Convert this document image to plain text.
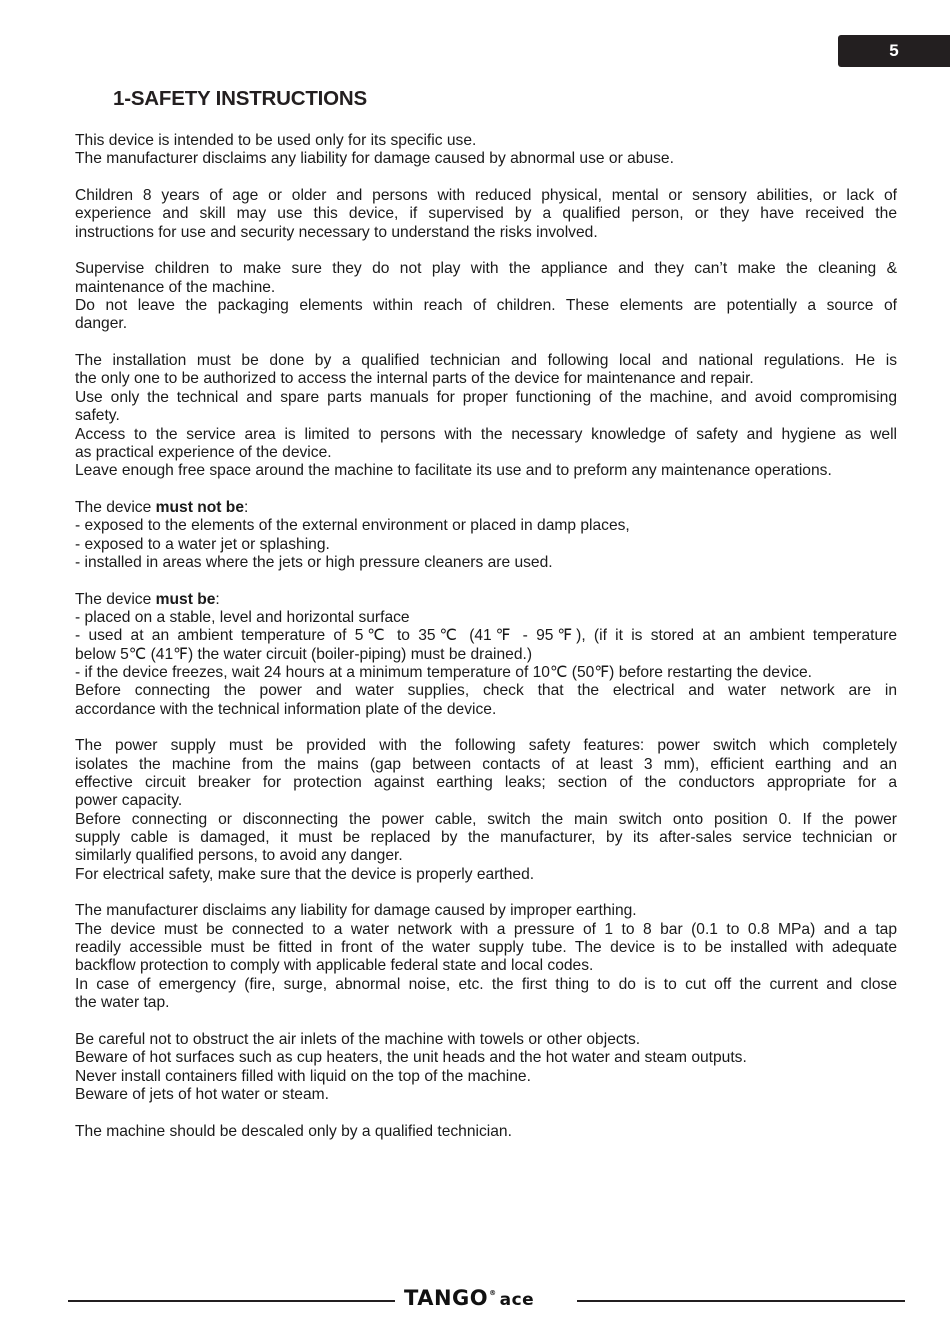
5
1-SAFETY INSTRUCTIONS
This device is intended to be used only for its specific use.
The manufacturer disclaims any liability for damage caused by abnormal use or abuse.
Children 8 years of age or older and persons with reduced physical, mental or sensory abilities, or lack of
experience and skill may use this device, if supervised by a qualified person, or they have received the
instructions for use and security necessary to understand the risks involved.
Supervise children to make sure they do not play with the appliance and they can’t make the cleaning &
maintenance of the machine.
Do not leave the packaging elements within reach of children. These elements are potentially a source of
danger.
The installation must be done by a qualified technician and following local and national regulations. He is
the only one to be authorized to access the internal parts of the device for maintenance and repair.
Use only the technical and spare parts manuals for proper functioning of the machine, and avoid compromising
safety.
Access to the service area is limited to persons with the necessary knowledge of safety and hygiene as well
as practical experience of the device.
Leave enough free space around the machine to facilitate its use and to preform any maintenance operations.
The device must not be:
- exposed to the elements of the external environment or placed in damp places,
- exposed to a water jet or splashing.
- installed in areas where the jets or high pressure cleaners are used.
The device must be:
- placed on a stable, level and horizontal surface
- used at an ambient temperature of 5℃ to 35℃ (41℉ - 95℉), (if it is stored at an ambient temperature
below 5℃ (41℉) the water circuit (boiler-piping) must be drained.)
- if the device freezes, wait 24 hours at a minimum temperature of 10℃ (50℉) before restarting the device.
Before connecting the power and water supplies, check that the electrical and water network are in
accordance with the technical information plate of the device.
The power supply must be provided with the following safety features: power switch which completely
isolates the machine from the mains (gap between contacts of at least 3 mm), efficient earthing and an
effective circuit breaker for protection against earthing leaks; section of the conductors appropriate for a
power capacity.
Before connecting or disconnecting the power cable, switch the main switch onto position 0. If the power
supply cable is damaged, it must be replaced by the manufacturer, by its after-sales service technician or
similarly qualified persons, to avoid any danger.
For electrical safety, make sure that the device is properly earthed.
The manufacturer disclaims any liability for damage caused by improper earthing.
The device must be connected to a water network with a pressure of 1 to 8 bar (0.1 to 0.8 MPa) and a tap
readily accessible must be fitted in front of the water supply tube. The device is to be installed with adequate
backflow protection to comply with applicable federal state and local codes.
In case of emergency (fire, surge, abnormal noise, etc. the first thing to do is to cut off the current and close
the water tap.
Be careful not to obstruct the air inlets of the machine with towels or other objects.
Beware of hot surfaces such as cup heaters, the unit heads and the hot water and steam outputs.
Never install containers filled with liquid on the top of the machine.
Beware of jets of hot water or steam.
The machine should be descaled only by a qualified technician.
TANGO ® ace
